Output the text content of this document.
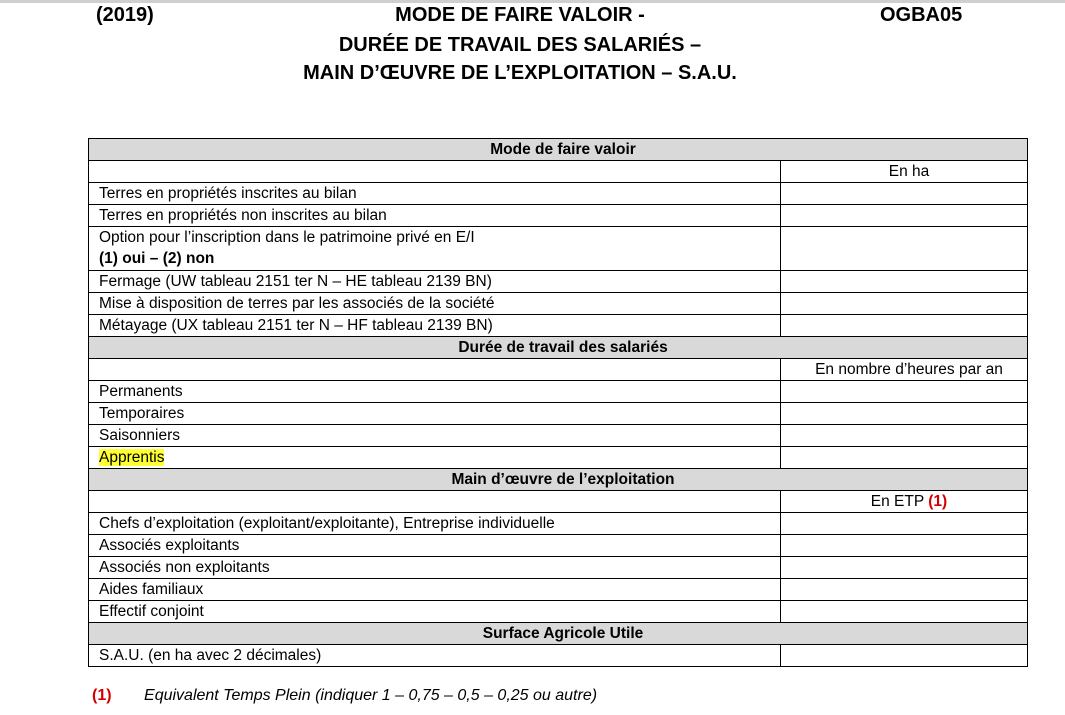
(2019)	MODE DE FAIRE VALOIR -	OGBA05
DURÉE DE TRAVAIL DES SALARIÉS –
MAIN D’ŒUVRE DE L’EXPLOITATION – S.A.U.
Mode de faire valoir	
	En ha
Terres en propriétés inscrites au bilan	
Terres en propriétés non inscrites au bilan	
Option pour l’inscription dans le patrimoine privé en E/I
(1) oui – (2) non	
Fermage (UW tableau 2151 ter N – HE tableau 2139 BN)	
Mise à disposition de terres par les associés de la société	
Métayage (UX tableau 2151 ter N – HF tableau 2139 BN)	
Durée de travail des salariés	
	En nombre d’heures par an
Permanents	
Temporaires	
Saisonniers	
Apprentis	
Main d’œuvre de l’exploitation	
	En ETP (1)
Chefs d’exploitation (exploitant/exploitante), Entreprise individuelle	
Associés exploitants	
Associés non exploitants	
Aides familiaux	
Effectif conjoint	
Surface Agricole Utile	
S.A.U. (en ha avec 2 décimales)	
(1) Equivalent Temps Plein (indiquer 1 – 0,75 – 0,5 – 0,25 ou autre)
